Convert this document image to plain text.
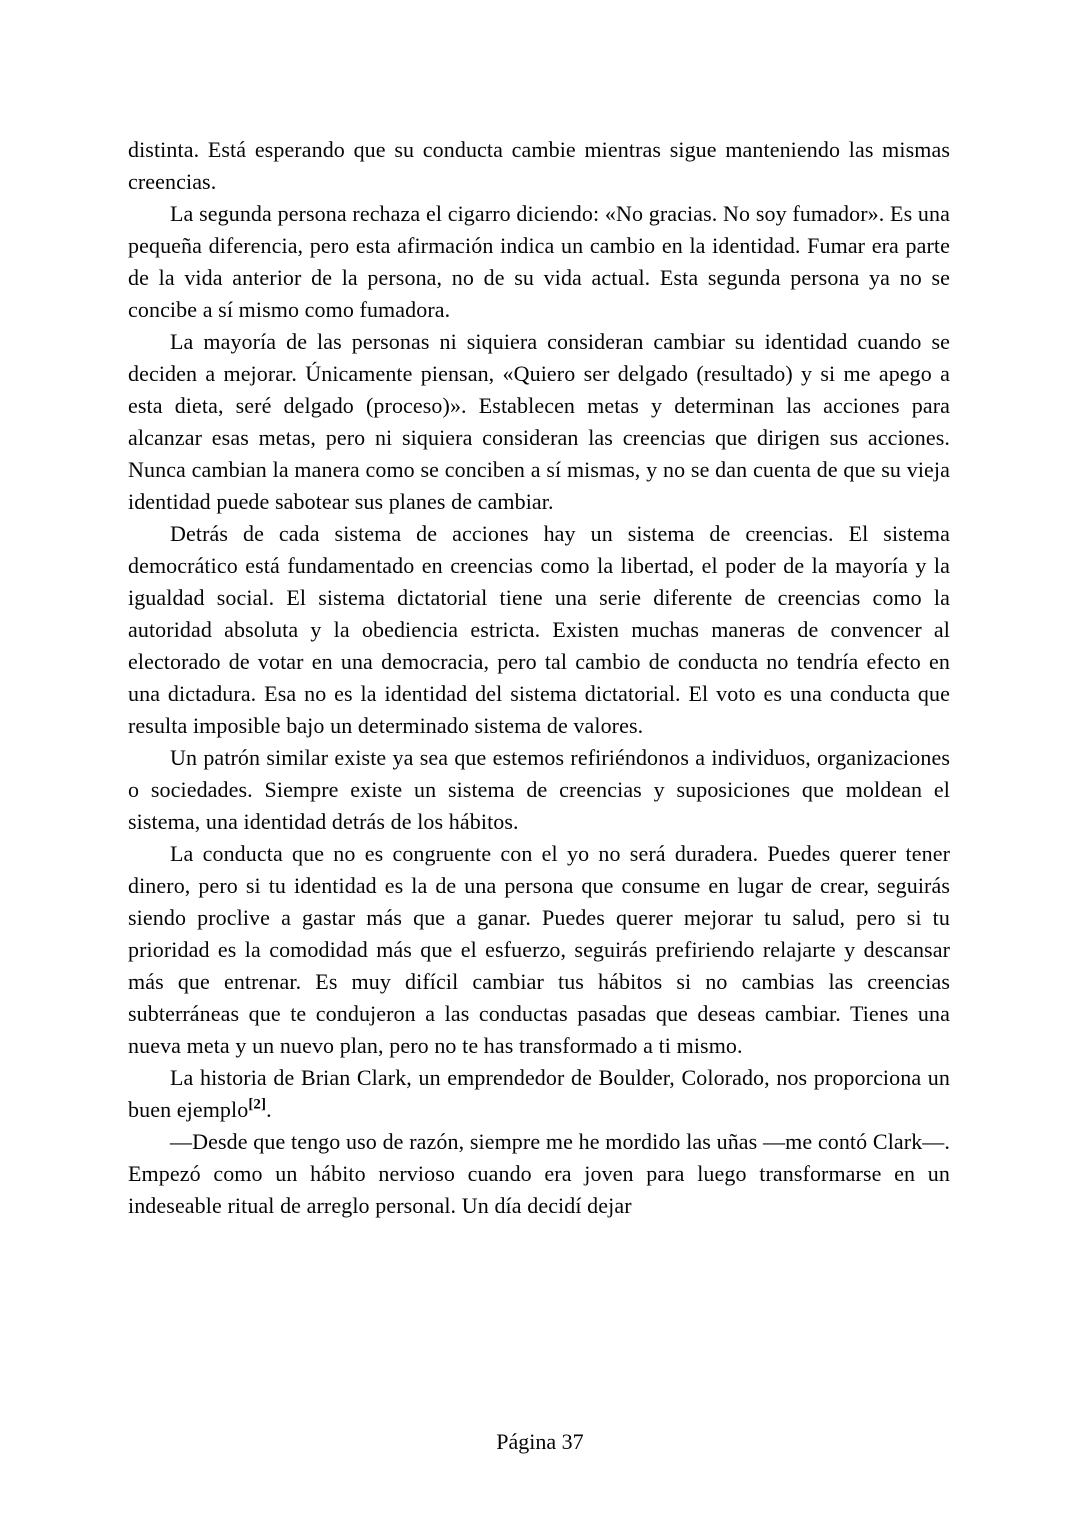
distinta. Está esperando que su conducta cambie mientras sigue manteniendo las mismas creencias.

La segunda persona rechaza el cigarro diciendo: «No gracias. No soy fumador». Es una pequeña diferencia, pero esta afirmación indica un cambio en la identidad. Fumar era parte de la vida anterior de la persona, no de su vida actual. Esta segunda persona ya no se concibe a sí mismo como fumadora.

La mayoría de las personas ni siquiera consideran cambiar su identidad cuando se deciden a mejorar. Únicamente piensan, «Quiero ser delgado (resultado) y si me apego a esta dieta, seré delgado (proceso)». Establecen metas y determinan las acciones para alcanzar esas metas, pero ni siquiera consideran las creencias que dirigen sus acciones. Nunca cambian la manera como se conciben a sí mismas, y no se dan cuenta de que su vieja identidad puede sabotear sus planes de cambiar.

Detrás de cada sistema de acciones hay un sistema de creencias. El sistema democrático está fundamentado en creencias como la libertad, el poder de la mayoría y la igualdad social. El sistema dictatorial tiene una serie diferente de creencias como la autoridad absoluta y la obediencia estricta. Existen muchas maneras de convencer al electorado de votar en una democracia, pero tal cambio de conducta no tendría efecto en una dictadura. Esa no es la identidad del sistema dictatorial. El voto es una conducta que resulta imposible bajo un determinado sistema de valores.

Un patrón similar existe ya sea que estemos refiriéndonos a individuos, organizaciones o sociedades. Siempre existe un sistema de creencias y suposiciones que moldean el sistema, una identidad detrás de los hábitos.

La conducta que no es congruente con el yo no será duradera. Puedes querer tener dinero, pero si tu identidad es la de una persona que consume en lugar de crear, seguirás siendo proclive a gastar más que a ganar. Puedes querer mejorar tu salud, pero si tu prioridad es la comodidad más que el esfuerzo, seguirás prefiriendo relajarte y descansar más que entrenar. Es muy difícil cambiar tus hábitos si no cambias las creencias subterráneas que te condujeron a las conductas pasadas que deseas cambiar. Tienes una nueva meta y un nuevo plan, pero no te has transformado a ti mismo.

La historia de Brian Clark, un emprendedor de Boulder, Colorado, nos proporciona un buen ejemplo[2].

—Desde que tengo uso de razón, siempre me he mordido las uñas —me contó Clark—. Empezó como un hábito nervioso cuando era joven para luego transformarse en un indeseable ritual de arreglo personal. Un día decidí dejar

Página 37
